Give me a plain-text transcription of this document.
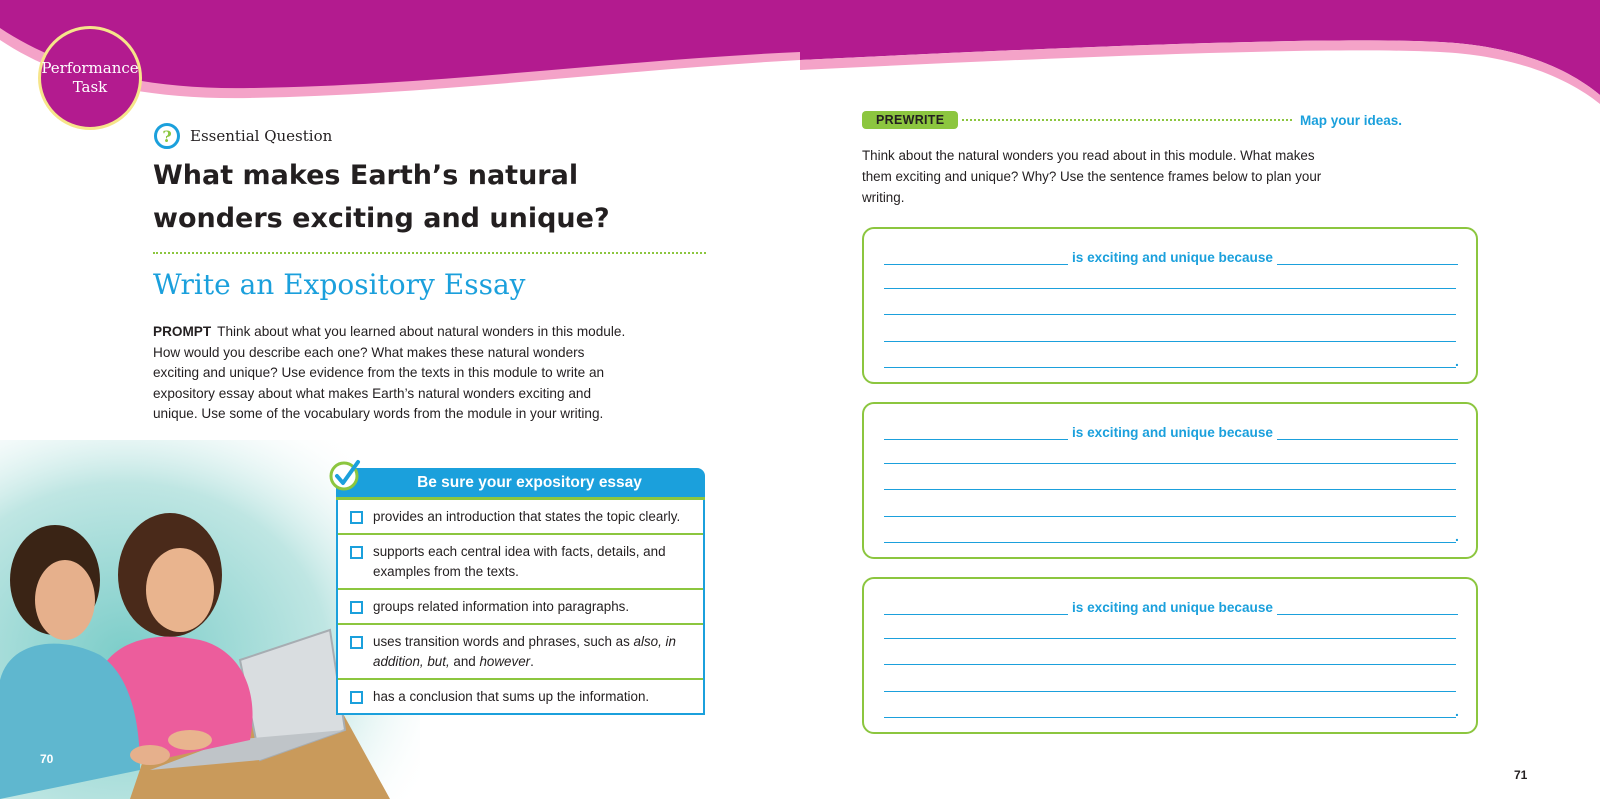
Performance
Task
?	Essential Question
What makes Earth’s natural wonders exciting and unique?
Write an Expository Essay
PROMPT Think about what you learned about natural wonders in this module. How would you describe each one? What makes these natural wonders exciting and unique? Use evidence from the texts in this module to write an expository essay about what makes Earth’s natural wonders exciting and unique. Use some of the vocabulary words from the module in your writing.
Be sure your expository essay
provides an introduction that states the topic clearly.
supports each central idea with facts, details, and examples from the texts.
groups related information into paragraphs.
uses transition words and phrases, such as also, in addition, but, and however.
has a conclusion that sums up the information.
70
PREWRITE	Map your ideas.
Think about the natural wonders you read about in this module. What makes them exciting and unique? Why? Use the sentence frames below to plan your writing.
is exciting and unique because
.
is exciting and unique because
.
is exciting and unique because
.
71
